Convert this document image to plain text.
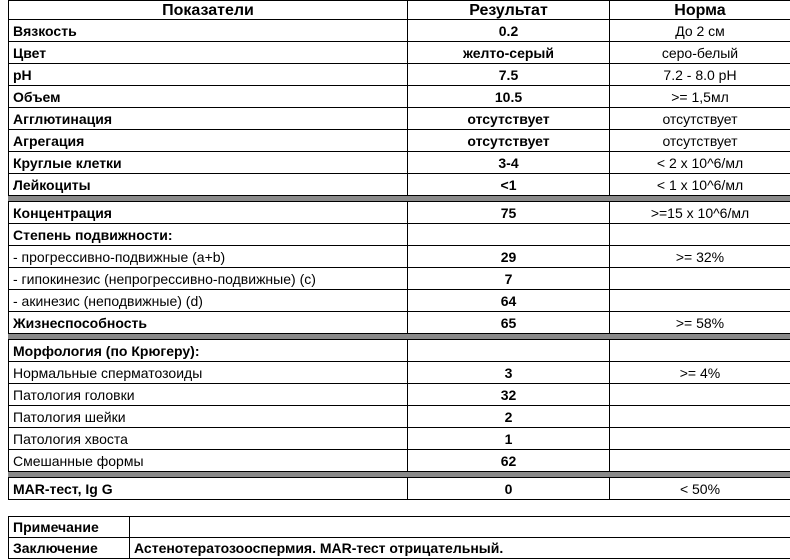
Показатели	Результат	Норма
Вязкость	0.2	До 2 см
Цвет	желто-серый	серо-белый
pH	7.5	7.2 - 8.0 pH
Объем	10.5	>= 1,5мл
Агглютинация	отсутствует	отсутствует
Агрегация	отсутствует	отсутствует
Круглые клетки	3-4	< 2 x 10^6/мл
Лейкоциты	<1	< 1 x 10^6/мл

Концентрация	75	>=15 x 10^6/мл
Степень подвижности:		
- прогрессивно-подвижные (a+b)	29	>= 32%
- гипокинезис (непрогрессивно-подвижные) (c)	7	
- акинезис (неподвижные) (d)	64	
Жизнеспособность	65	>= 58%

Морфология (по Крюгеру):		
Нормальные сперматозоиды	3	>= 4%
Патология головки	32	
Патология шейки	2	
Патология хвоста	1	
Смешанные формы	62	

MAR-тест, Ig G	0	< 50%
Примечание	
Заключение	Астенотератозооспермия. MAR-тест отрицательный.
